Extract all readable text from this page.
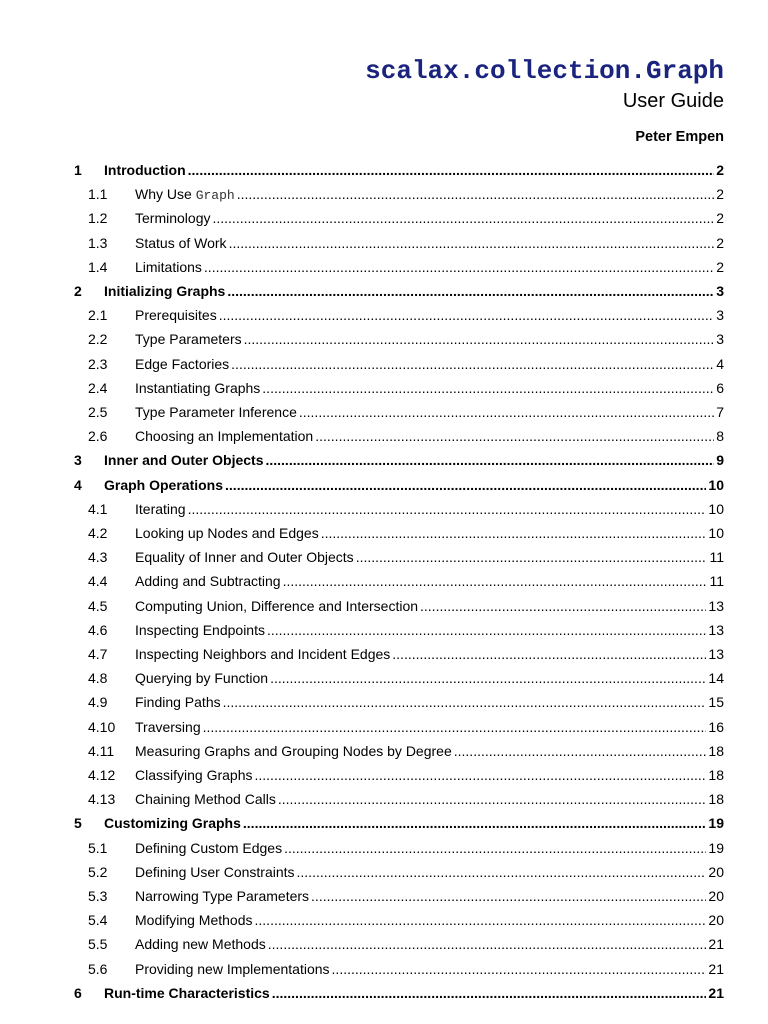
scalax.collection.Graph
User Guide
Peter Empen
1 Introduction .....	2
1.1 Why Use Graph .....	2
1.2 Terminology .....	2
1.3 Status of Work .....	2
1.4 Limitations .....	2
2 Initializing Graphs .....	3
2.1 Prerequisites .....	3
2.2 Type Parameters .....	3
2.3 Edge Factories .....	4
2.4 Instantiating Graphs .....	6
2.5 Type Parameter Inference .....	7
2.6 Choosing an Implementation .....	8
3 Inner and Outer Objects .....	9
4 Graph Operations .....	10
4.1 Iterating .....	10
4.2 Looking up Nodes and Edges .....	10
4.3 Equality of Inner and Outer Objects .....	11
4.4 Adding and Subtracting .....	11
4.5 Computing Union, Difference and Intersection .....	13
4.6 Inspecting Endpoints .....	13
4.7 Inspecting Neighbors and Incident Edges .....	13
4.8 Querying by Function .....	14
4.9 Finding Paths .....	15
4.10 Traversing .....	16
4.11 Measuring Graphs and Grouping Nodes by Degree .....	18
4.12 Classifying Graphs .....	18
4.13 Chaining Method Calls .....	18
5 Customizing Graphs .....	19
5.1 Defining Custom Edges .....	19
5.2 Defining User Constraints .....	20
5.3 Narrowing Type Parameters .....	20
5.4 Modifying Methods .....	20
5.5 Adding new Methods .....	21
5.6 Providing new Implementations .....	21
6 Run-time Characteristics .....	21
